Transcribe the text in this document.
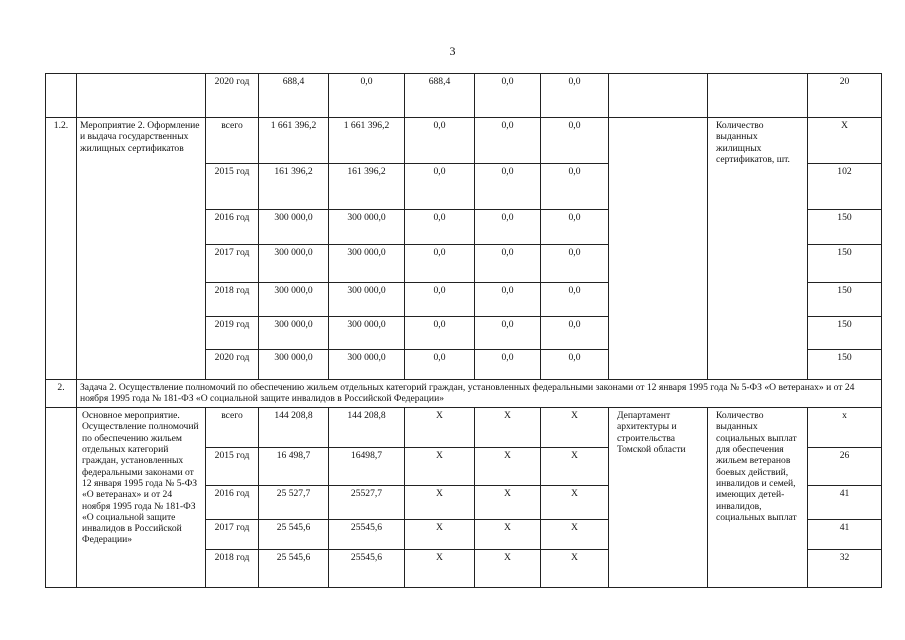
3
		2020 год	688,4	0,0	688,4	0,0	0,0			20
1.2.	Мероприятие 2. Оформление и выдача государственных жилищных сертификатов	всего	1 661 396,2	1 661 396,2	0,0	0,0	0,0		Количество выданных жилищных сертификатов, шт.	Х
		2015 год	161 396,2	161 396,2	0,0	0,0	0,0			102
		2016 год	300 000,0	300 000,0	0,0	0,0	0,0			150
		2017 год	300 000,0	300 000,0	0,0	0,0	0,0			150
		2018 год	300 000,0	300 000,0	0,0	0,0	0,0			150
		2019 год	300 000,0	300 000,0	0,0	0,0	0,0			150
		2020 год	300 000,0	300 000,0	0,0	0,0	0,0			150
2.	Задача 2. Осуществление полномочий по обеспечению жильем отдельных категорий граждан, установленных федеральными законами от 12 января 1995 года № 5-ФЗ «О ветеранах» и от 24 ноября 1995 года № 181-ФЗ «О социальной защите инвалидов в Российской Федерации»									
	Основное мероприятие. Осуществление полномочий по обеспечению жильем отдельных категорий граждан, установленных федеральными законами от 12 января 1995 года № 5-ФЗ «О ветеранах» и от 24 ноября 1995 года № 181-ФЗ «О социальной защите инвалидов в Российской Федерации»	всего	144 208,8	144 208,8	Х	Х	Х	Департамент архитектуры и строительства Томской области	Количество выданных социальных выплат для обеспечения жильем ветеранов боевых действий, инвалидов и семей, имеющих детей-инвалидов, социальных выплат	х
		2015 год	16 498,7	16498,7	Х	Х	Х			26
		2016 год	25 527,7	25527,7	Х	Х	Х			41
		2017 год	25 545,6	25545,6	Х	Х	Х			41
		2018 год	25 545,6	25545,6	Х	Х	Х			32
